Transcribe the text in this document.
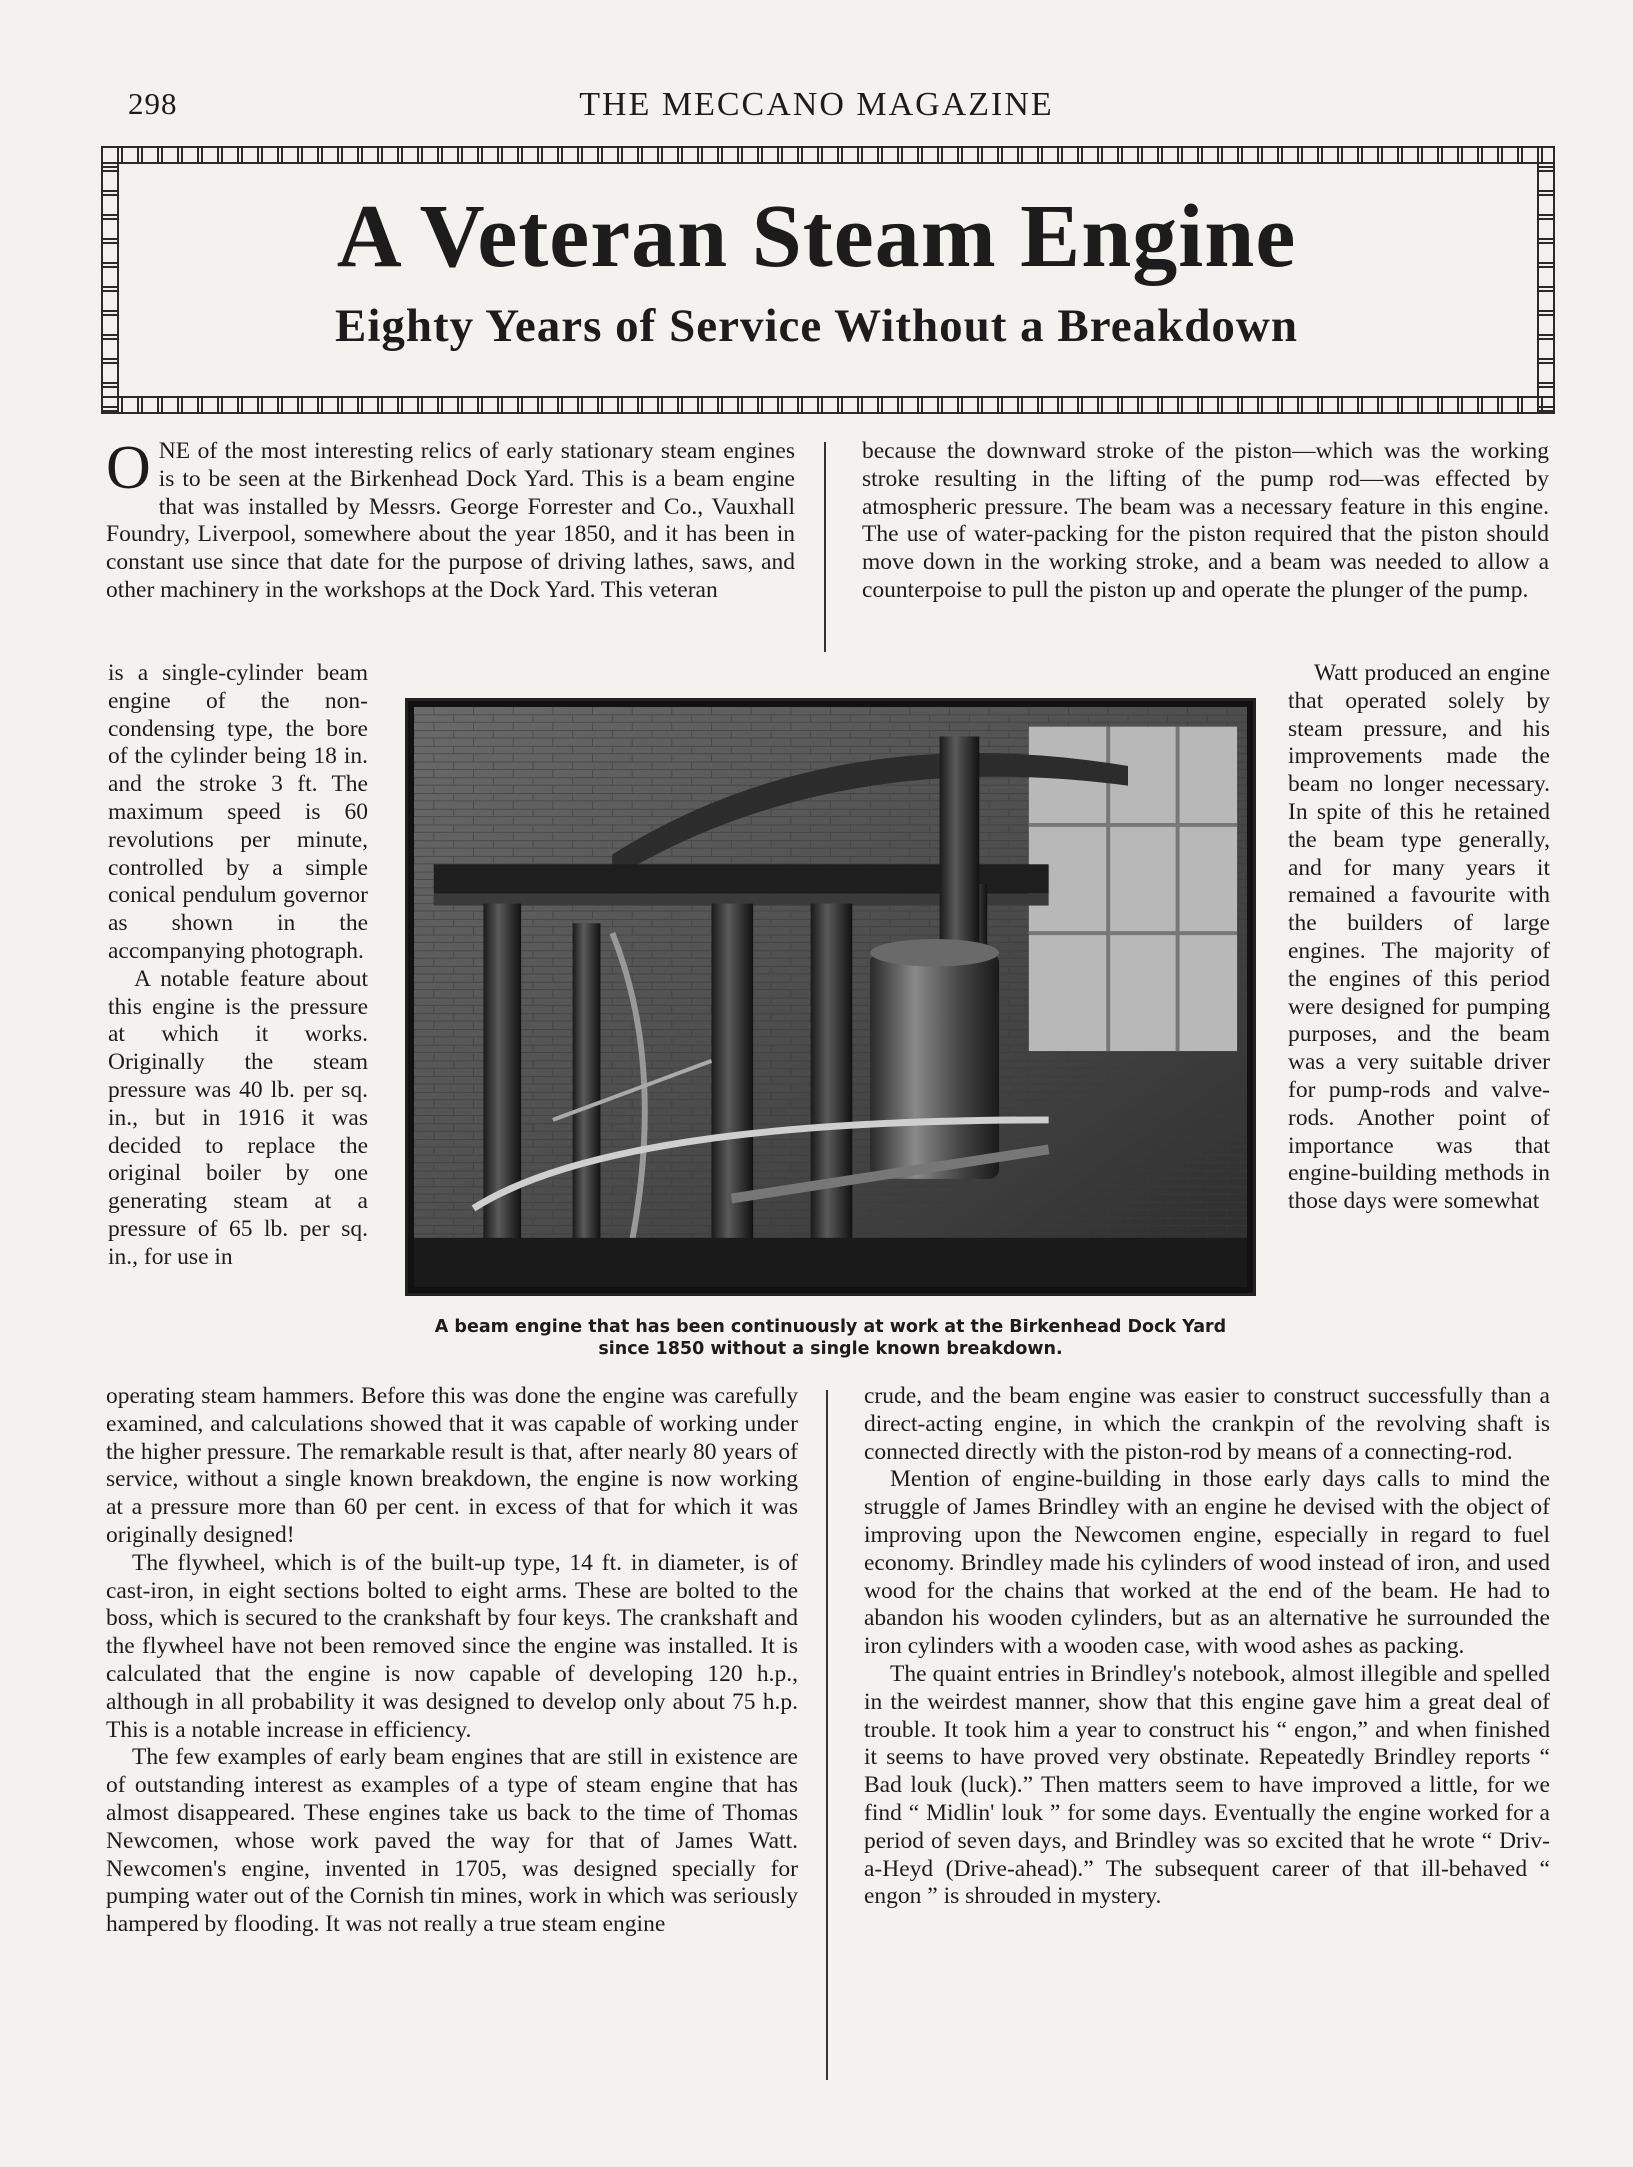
298	THE MECCANO MAGAZINE
A Veteran Steam Engine
Eighty Years of Service Without a Breakdown

ONE of the most interesting relics of early stationary steam engines is to be seen at the Birkenhead Dock Yard. This is a beam engine that was installed by Messrs. George Forrester and Co., Vauxhall Foundry, Liverpool, somewhere about the year 1850, and it has been in constant use since that date for the purpose of driving lathes, saws, and other machinery in the workshops at the Dock Yard. This veteran

is a single-cylinder beam engine of the non-condensing type, the bore of the cylinder being 18 in. and the stroke 3 ft. The maximum speed is 60 revolutions per minute, controlled by a simple conical pendulum governor as shown in the accompanying photograph.

A notable feature about this engine is the pressure at which it works. Originally the steam pressure was 40 lb. per sq. in., but in 1916 it was decided to replace the original boiler by one generating steam at a pressure of 65 lb. per sq. in., for use in

A beam engine that has been continuously at work at the Birkenhead Dock Yard
since 1850 without a single known breakdown.

operating steam hammers. Before this was done the engine was carefully examined, and calculations showed that it was capable of working under the higher pressure. The remarkable result is that, after nearly 80 years of service, without a single known breakdown, the engine is now working at a pressure more than 60 per cent. in excess of that for which it was originally designed!

The flywheel, which is of the built-up type, 14 ft. in diameter, is of cast-iron, in eight sections bolted to eight arms. These are bolted to the boss, which is secured to the crankshaft by four keys. The crankshaft and the flywheel have not been removed since the engine was installed. It is calculated that the engine is now capable of developing 120 h.p., although in all probability it was designed to develop only about 75 h.p. This is a notable increase in efficiency.

The few examples of early beam engines that are still in existence are of outstanding interest as examples of a type of steam engine that has almost disappeared. These engines take us back to the time of Thomas Newcomen, whose work paved the way for that of James Watt. Newcomen's engine, invented in 1705, was designed specially for pumping water out of the Cornish tin mines, work in which was seriously hampered by flooding. It was not really a true steam engine

because the downward stroke of the piston—which was the working stroke resulting in the lifting of the pump rod—was effected by atmospheric pressure. The beam was a necessary feature in this engine. The use of water-packing for the piston required that the piston should move down in the working stroke, and a beam was needed to allow a counterpoise to pull the piston up and operate the plunger of the pump.

Watt produced an engine that operated solely by steam pressure, and his improvements made the beam no longer necessary. In spite of this he retained the beam type generally, and for many years it remained a favourite with the builders of large engines. The majority of the engines of this period were designed for pumping purposes, and the beam was a very suitable driver for pump-rods and valve-rods. Another point of importance was that engine-building methods in those days were somewhat

crude, and the beam engine was easier to construct successfully than a direct-acting engine, in which the crankpin of the revolving shaft is connected directly with the piston-rod by means of a connecting-rod.

Mention of engine-building in those early days calls to mind the struggle of James Brindley with an engine he devised with the object of improving upon the Newcomen engine, especially in regard to fuel economy. Brindley made his cylinders of wood instead of iron, and used wood for the chains that worked at the end of the beam. He had to abandon his wooden cylinders, but as an alternative he surrounded the iron cylinders with a wooden case, with wood ashes as packing.

The quaint entries in Brindley's notebook, almost illegible and spelled in the weirdest manner, show that this engine gave him a great deal of trouble. It took him a year to construct his “ engon,” and when finished it seems to have proved very obstinate. Repeatedly Brindley reports “ Bad louk (luck).” Then matters seem to have improved a little, for we find “ Midlin' louk ” for some days. Eventually the engine worked for a period of seven days, and Brindley was so excited that he wrote “ Driv-a-Heyd (Drive-ahead).” The subsequent career of that ill-behaved “ engon ” is shrouded in mystery.
